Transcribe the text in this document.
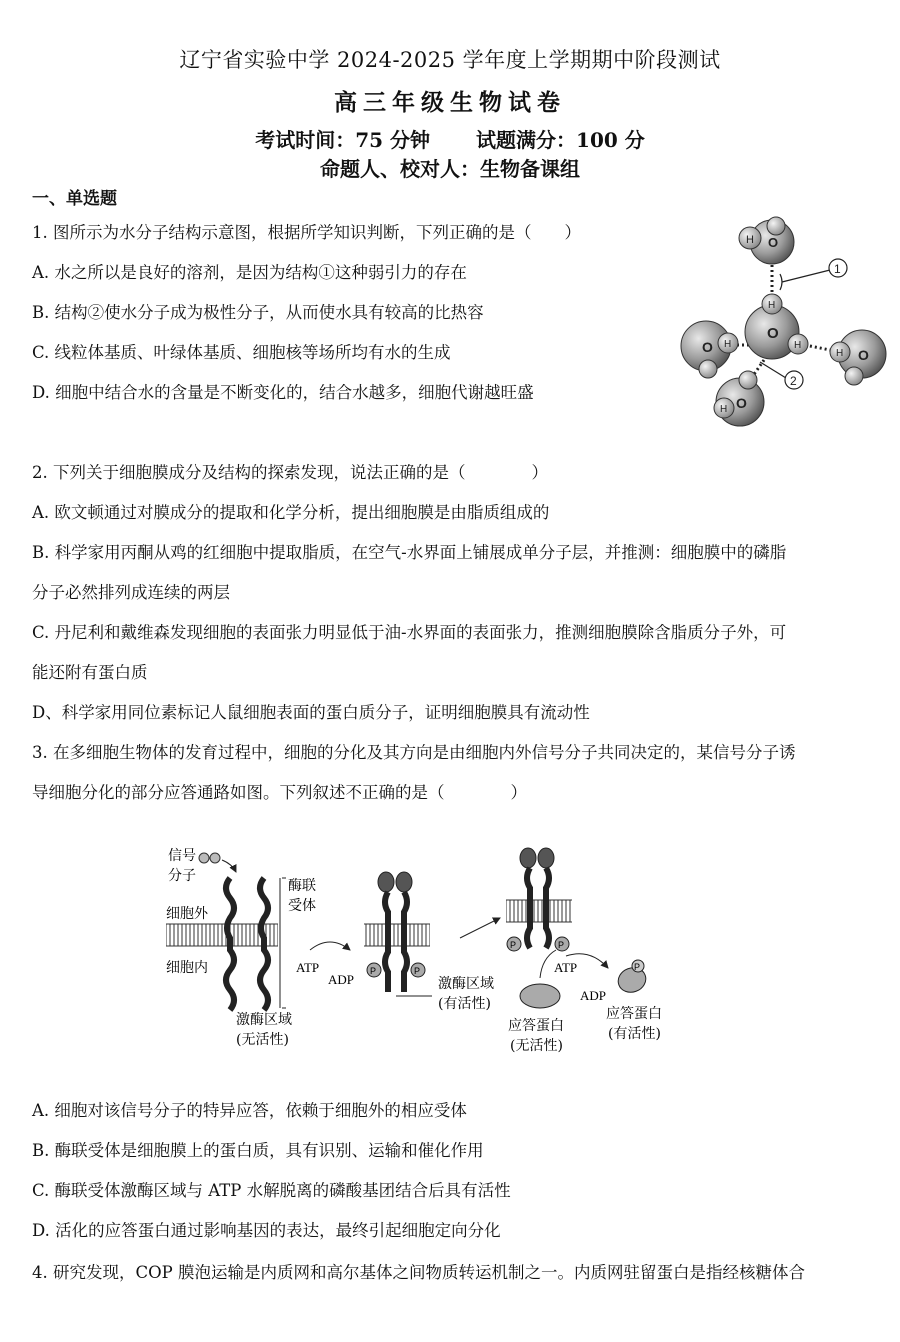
辽宁省实验中学 2024-2025 学年度上学期期中阶段测试
高三年级生物试卷
考试时间：75 分钟 试题满分：100 分
命题人、校对人：生物备课组
一、单选题
1. 图所示为水分子结构示意图，根据所学知识判断，下列正确的是（　　）
A. 水之所以是良好的溶剂，是因为结构①这种弱引力的存在
B. 结构②使水分子成为极性分子，从而使水具有较高的比热容
C. 线粒体基质、叶绿体基质、细胞核等场所均有水的生成
D. 细胞中结合水的含量是不断变化的，结合水越多，细胞代谢越旺盛
O
H
O
H
H
O H
O
H
O
H
1
2
2. 下列关于细胞膜成分及结构的探索发现，说法正确的是（　　　　）
A. 欧文顿通过对膜成分的提取和化学分析，提出细胞膜是由脂质组成的
B. 科学家用丙酮从鸡的红细胞中提取脂质，在空气-水界面上铺展成单分子层，并推测：细胞膜中的磷脂
分子必然排列成连续的两层
C. 丹尼利和戴维森发现细胞的表面张力明显低于油-水界面的表面张力，推测细胞膜除含脂质分子外，可
能还附有蛋白质
D、科学家用同位素标记人鼠细胞表面的蛋白质分子，证明细胞膜具有流动性
3. 在多细胞生物体的发育过程中，细胞的分化及其方向是由细胞内外信号分子共同决定的，某信号分子诱
导细胞分化的部分应答通路如图。下列叙述不正确的是（　　　　）
信号
分子
酶联
受体
细胞外
细胞内
激酶区域
(无活性)
ATP
ADP
P	P
激酶区域
(有活性)
P	P
ATP
ADP
P
应答蛋白
(无活性)
应答蛋白
(有活性)
A. 细胞对该信号分子的特异应答，依赖于细胞外的相应受体
B. 酶联受体是细胞膜上的蛋白质，具有识别、运输和催化作用
C. 酶联受体激酶区域与 ATP 水解脱离的磷酸基团结合后具有活性
D. 活化的应答蛋白通过影响基因的表达，最终引起细胞定向分化
4. 研究发现，COP 膜泡运输是内质网和高尔基体之间物质转运机制之一。内质网驻留蛋白是指经核糖体合
